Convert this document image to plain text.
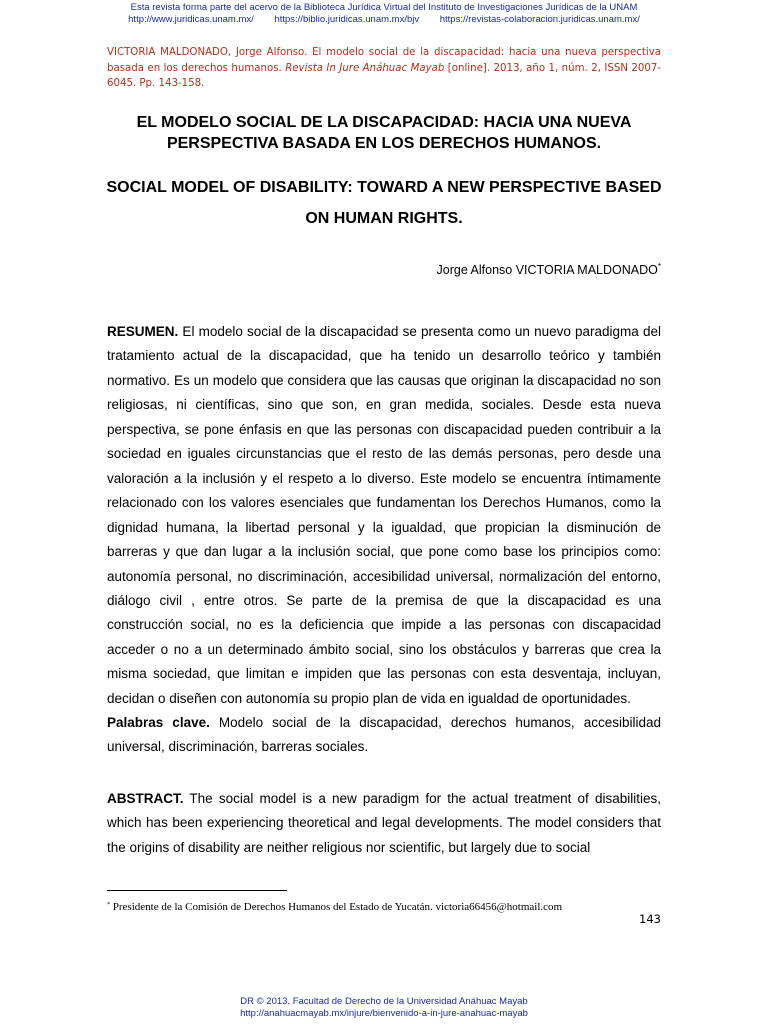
Esta revista forma parte del acervo de la Biblioteca Jurídica Virtual del Instituto de Investigaciones Jurídicas de la UNAM
http://www.juridicas.unam.mx/ https://biblio.juridicas.unam.mx/bjv https://revistas-colaboracion.juridicas.unam.mx/
VICTORIA MALDONADO, Jorge Alfonso. El modelo social de la discapacidad: hacia una nueva perspectiva basada en los derechos humanos. Revista In Jure Anáhuac Mayab [online]. 2013, año 1, núm. 2, ISSN 2007-6045. Pp. 143-158.
EL MODELO SOCIAL DE LA DISCAPACIDAD: HACIA UNA NUEVA PERSPECTIVA BASADA EN LOS DERECHOS HUMANOS.
SOCIAL MODEL OF DISABILITY: TOWARD A NEW PERSPECTIVE BASED ON HUMAN RIGHTS.
Jorge Alfonso VICTORIA MALDONADO*
RESUMEN. El modelo social de la discapacidad se presenta como un nuevo paradigma del tratamiento actual de la discapacidad, que ha tenido un desarrollo teórico y también normativo. Es un modelo que considera que las causas que originan la discapacidad no son religiosas, ni científicas, sino que son, en gran medida, sociales. Desde esta nueva perspectiva, se pone énfasis en que las personas con discapacidad pueden contribuir a la sociedad en iguales circunstancias que el resto de las demás personas, pero desde una valoración a la inclusión y el respeto a lo diverso. Este modelo se encuentra íntimamente relacionado con los valores esenciales que fundamentan los Derechos Humanos, como la dignidad humana, la libertad personal y la igualdad, que propician la disminución de barreras y que dan lugar a la inclusión social, que pone como base los principios como: autonomía personal, no discriminación, accesibilidad universal, normalización del entorno, diálogo civil , entre otros. Se parte de la premisa de que la discapacidad es una construcción social, no es la deficiencia que impide a las personas con discapacidad acceder o no a un determinado ámbito social, sino los obstáculos y barreras que crea la misma sociedad, que limitan e impiden que las personas con esta desventaja, incluyan, decidan o diseñen con autonomía su propio plan de vida en igualdad de oportunidades.
Palabras clave. Modelo social de la discapacidad, derechos humanos, accesibilidad universal, discriminación, barreras sociales.
ABSTRACT. The social model is a new paradigm for the actual treatment of disabilities, which has been experiencing theoretical and legal developments. The model considers that the origins of disability are neither religious nor scientific, but largely due to social
* Presidente de la Comisión de Derechos Humanos del Estado de Yucatán. victoria66456@hotmail.com
143
DR © 2013. Facultad de Derecho de la Universidad Anáhuac Mayab
http://anahuacmayab.mx/injure/bienvenido-a-in-jure-anahuac-mayab
